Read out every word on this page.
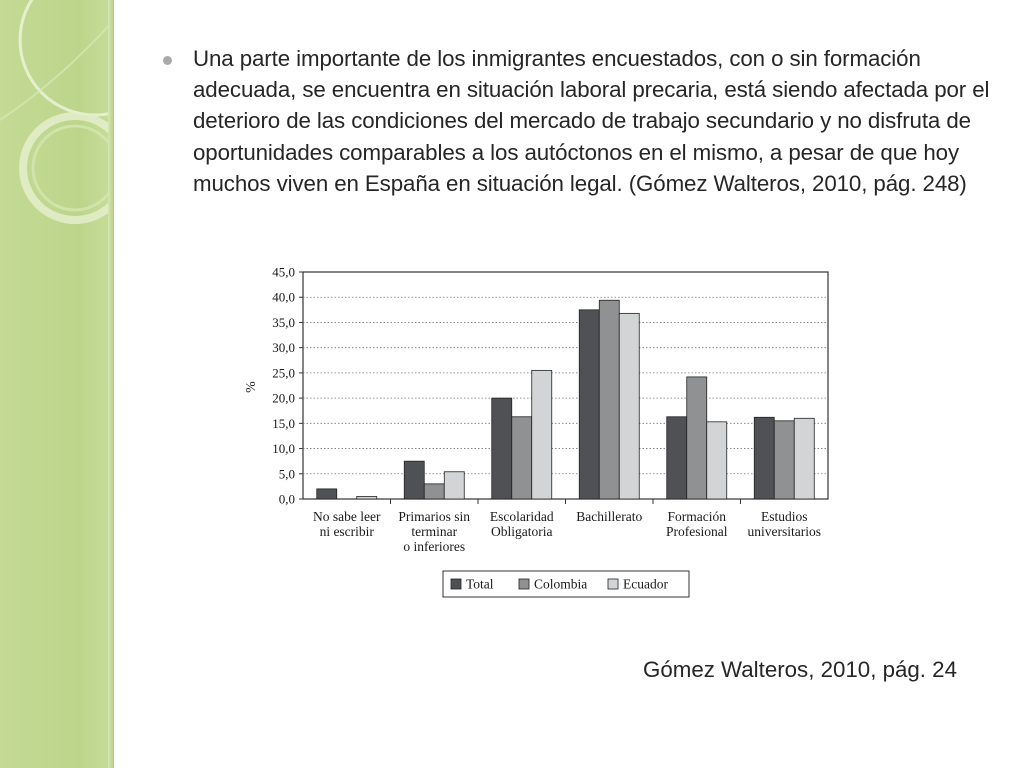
Una parte importante de los inmigrantes encuestados, con o sin formación adecuada, se encuentra en situación laboral precaria, está siendo afectada por el deterioro de las condiciones del mercado de trabajo secundario y no disfruta de oportunidades comparables a los autóctonos en el mismo, a pesar de que hoy muchos viven en España en situación legal. (Gómez Walteros, 2010, pág. 248)
0,0
5,0
10,0
15,0
20,0
25,0
30,0
35,0
40,0
45,0
No sabe leer
ni escribir
Primarios sin
terminar
o inferiores
Escolaridad
Obligatoria
Bachillerato Formación
Profesional
Estudios
universitarios
Total	Colombia	Ecuador
%
Gómez Walteros, 2010, pág. 24
